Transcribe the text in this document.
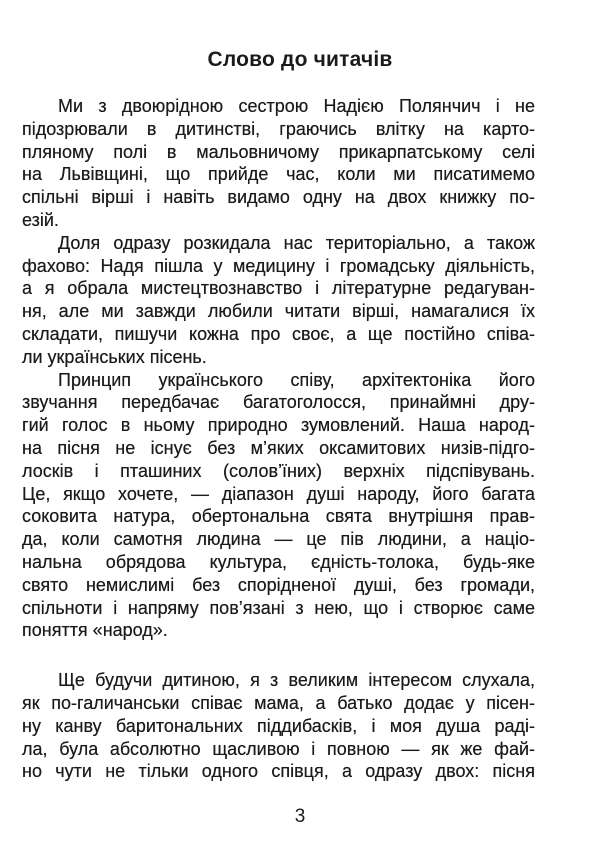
Слово до читачів
Ми з двоюрідною сестрою Надією Полянчич і не
підозрювали в дитинстві, граючись влітку на карто-
пляному полі в мальовничому прикарпатському селі
на Львівщині, що прийде час, коли ми писатимемо
спільні вірші і навіть видамо одну на двох книжку по-
езій.
Доля одразу розкидала нас територіально, а також
фахово: Надя пішла у медицину і громадську діяльність,
а я обрала мистецтвознавство і літературне редагуван-
ня, але ми завжди любили читати вірші, намагалися їх
складати, пишучи кожна про своє, а ще постійно співа-
ли українських пісень.
Принцип українського співу, архітектоніка його
звучання передбачає багатоголосся, принаймні дру-
гий голос в ньому природно зумовлений. Наша народ-
на пісня не існує без м’яких оксамитових низів-підго-
лосків і пташиних (солов’їних) верхніх підспівувань.
Це, якщо хочете, — діапазон душі народу, його багата
соковита натура, обертональна свята внутрішня прав-
да, коли самотня людина — це пів людини, а націо-
нальна обрядова культура, єдність-толока, будь-яке
свято немислимі без спорідненої душі, без громади,
спільноти і напряму пов’язані з нею, що і створює саме
поняття «народ».
Ще будучи дитиною, я з великим інтересом слухала,
як по-галичанськи співає мама, а батько додає у пісен-
ну канву баритональних піддибасків, і моя душа раді-
ла, була абсолютно щасливою і повною — як же фай-
но чути не тільки одного співця, а одразу двох: пісня
3
